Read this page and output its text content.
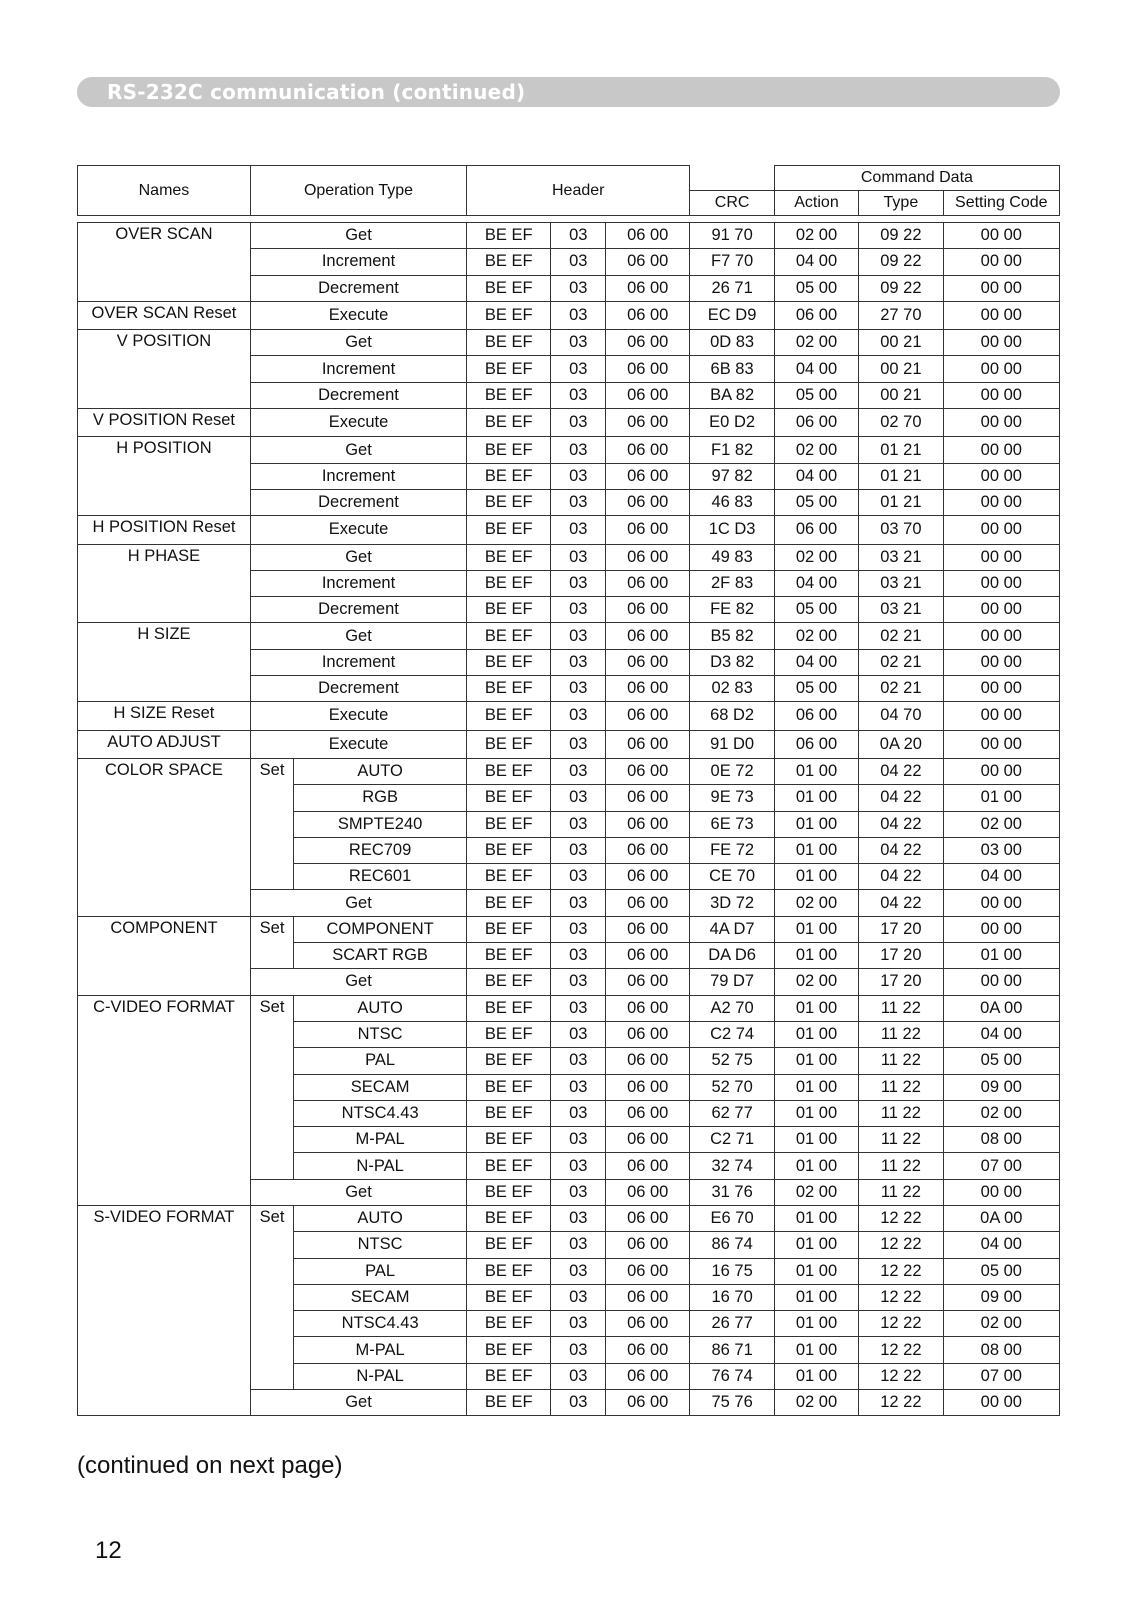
RS-232C communication (continued)
Names	Operation Type		Header				Command Data		
						CRC	Action	Type	Setting Code

OVER SCAN	Get		BE EF	03	06 00	91 70	02 00	09 22	00 00
	Increment		BE EF	03	06 00	F7 70	04 00	09 22	00 00
	Decrement		BE EF	03	06 00	26 71	05 00	09 22	00 00
OVER SCAN Reset	Execute		BE EF	03	06 00	EC D9	06 00	27 70	00 00
V POSITION	Get		BE EF	03	06 00	0D 83	02 00	00 21	00 00
	Increment		BE EF	03	06 00	6B 83	04 00	00 21	00 00
	Decrement		BE EF	03	06 00	BA 82	05 00	00 21	00 00
V POSITION Reset	Execute		BE EF	03	06 00	E0 D2	06 00	02 70	00 00
H POSITION	Get		BE EF	03	06 00	F1 82	02 00	01 21	00 00
	Increment		BE EF	03	06 00	97 82	04 00	01 21	00 00
	Decrement		BE EF	03	06 00	46 83	05 00	01 21	00 00
H POSITION Reset	Execute		BE EF	03	06 00	1C D3	06 00	03 70	00 00
H PHASE	Get		BE EF	03	06 00	49 83	02 00	03 21	00 00
	Increment		BE EF	03	06 00	2F 83	04 00	03 21	00 00
	Decrement		BE EF	03	06 00	FE 82	05 00	03 21	00 00
H SIZE	Get		BE EF	03	06 00	B5 82	02 00	02 21	00 00
	Increment		BE EF	03	06 00	D3 82	04 00	02 21	00 00
	Decrement		BE EF	03	06 00	02 83	05 00	02 21	00 00
H SIZE Reset	Execute		BE EF	03	06 00	68 D2	06 00	04 70	00 00
AUTO ADJUST	Execute		BE EF	03	06 00	91 D0	06 00	0A 20	00 00
COLOR SPACE	Set	AUTO	BE EF	03	06 00	0E 72	01 00	04 22	00 00
		RGB	BE EF	03	06 00	9E 73	01 00	04 22	01 00
		SMPTE240	BE EF	03	06 00	6E 73	01 00	04 22	02 00
		REC709	BE EF	03	06 00	FE 72	01 00	04 22	03 00
		REC601	BE EF	03	06 00	CE 70	01 00	04 22	04 00
	Get		BE EF	03	06 00	3D 72	02 00	04 22	00 00
COMPONENT	Set	COMPONENT	BE EF	03	06 00	4A D7	01 00	17 20	00 00
		SCART RGB	BE EF	03	06 00	DA D6	01 00	17 20	01 00
	Get		BE EF	03	06 00	79 D7	02 00	17 20	00 00
C-VIDEO FORMAT	Set	AUTO	BE EF	03	06 00	A2 70	01 00	11 22	0A 00
		NTSC	BE EF	03	06 00	C2 74	01 00	11 22	04 00
		PAL	BE EF	03	06 00	52 75	01 00	11 22	05 00
		SECAM	BE EF	03	06 00	52 70	01 00	11 22	09 00
		NTSC4.43	BE EF	03	06 00	62 77	01 00	11 22	02 00
		M-PAL	BE EF	03	06 00	C2 71	01 00	11 22	08 00
		N-PAL	BE EF	03	06 00	32 74	01 00	11 22	07 00
	Get		BE EF	03	06 00	31 76	02 00	11 22	00 00
S-VIDEO FORMAT	Set	AUTO	BE EF	03	06 00	E6 70	01 00	12 22	0A 00
		NTSC	BE EF	03	06 00	86 74	01 00	12 22	04 00
		PAL	BE EF	03	06 00	16 75	01 00	12 22	05 00
		SECAM	BE EF	03	06 00	16 70	01 00	12 22	09 00
		NTSC4.43	BE EF	03	06 00	26 77	01 00	12 22	02 00
		M-PAL	BE EF	03	06 00	86 71	01 00	12 22	08 00
		N-PAL	BE EF	03	06 00	76 74	01 00	12 22	07 00
	Get		BE EF	03	06 00	75 76	02 00	12 22	00 00
(continued on next page)
12
